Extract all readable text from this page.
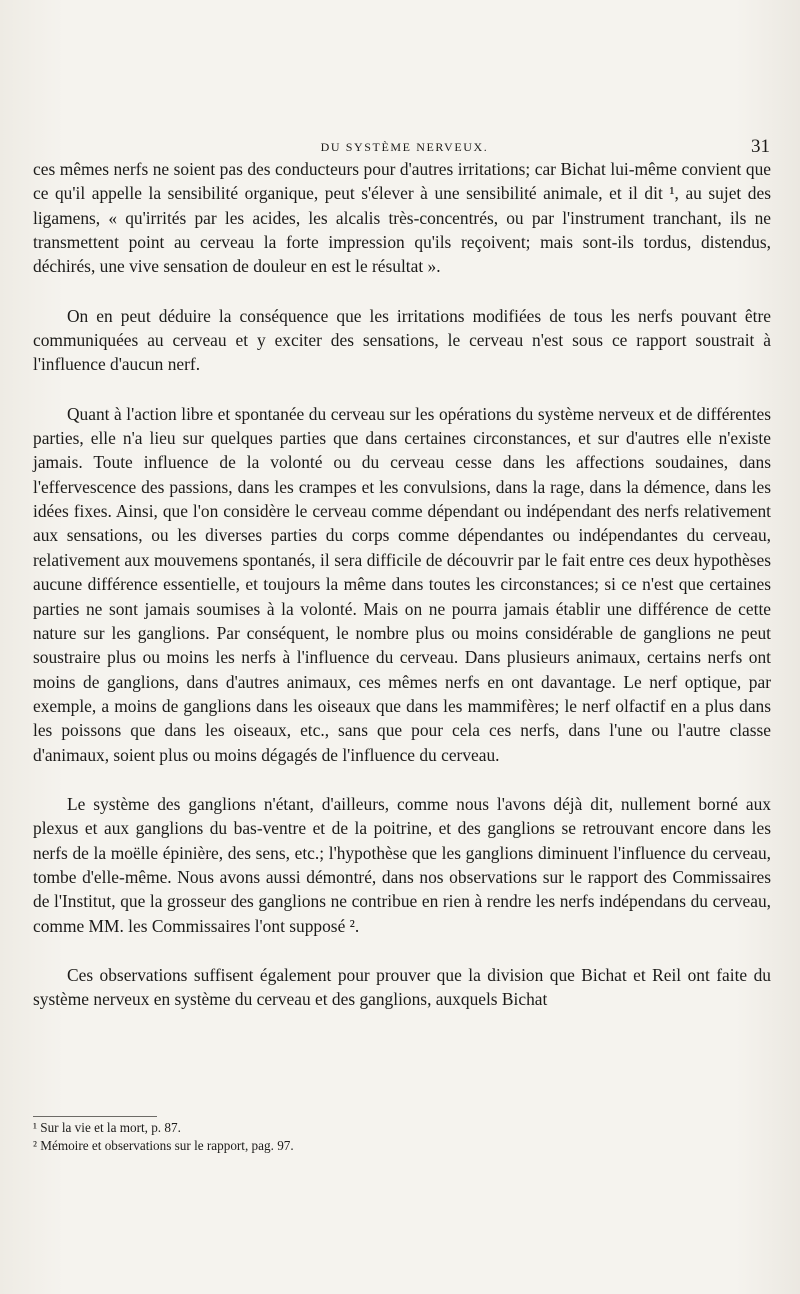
DU SYSTÈME NERVEUX.	31

ces mêmes nerfs ne soient pas des conducteurs pour d'autres irritations; car Bichat lui-même convient que ce qu'il appelle la sensibilité organique, peut s'élever à une sensibilité animale, et il dit ¹, au sujet des ligamens, « qu'irrités par les acides, les alcalis très-concentrés, ou par l'instrument tranchant, ils ne transmettent point au cerveau la forte impression qu'ils reçoivent; mais sont-ils tordus, distendus, déchirés, une vive sensation de douleur en est le résultat ».

On en peut déduire la conséquence que les irritations modifiées de tous les nerfs pouvant être communiquées au cerveau et y exciter des sensations, le cerveau n'est sous ce rapport soustrait à l'influence d'aucun nerf.

Quant à l'action libre et spontanée du cerveau sur les opérations du système nerveux et de différentes parties, elle n'a lieu sur quelques parties que dans certaines circonstances, et sur d'autres elle n'existe jamais. Toute influence de la volonté ou du cerveau cesse dans les affections soudaines, dans l'effervescence des passions, dans les crampes et les convulsions, dans la rage, dans la démence, dans les idées fixes. Ainsi, que l'on considère le cerveau comme dépendant ou indépendant des nerfs relativement aux sensations, ou les diverses parties du corps comme dépendantes ou indépendantes du cerveau, relativement aux mouvemens spontanés, il sera difficile de découvrir par le fait entre ces deux hypothèses aucune différence essentielle, et toujours la même dans toutes les circonstances; si ce n'est que certaines parties ne sont jamais soumises à la volonté. Mais on ne pourra jamais établir une différence de cette nature sur les ganglions. Par conséquent, le nombre plus ou moins considérable de ganglions ne peut soustraire plus ou moins les nerfs à l'influence du cerveau. Dans plusieurs animaux, certains nerfs ont moins de ganglions, dans d'autres animaux, ces mêmes nerfs en ont davantage. Le nerf optique, par exemple, a moins de ganglions dans les oiseaux que dans les mammifères; le nerf olfactif en a plus dans les poissons que dans les oiseaux, etc., sans que pour cela ces nerfs, dans l'une ou l'autre classe d'animaux, soient plus ou moins dégagés de l'influence du cerveau.

Le système des ganglions n'étant, d'ailleurs, comme nous l'avons déjà dit, nullement borné aux plexus et aux ganglions du bas-ventre et de la poitrine, et des ganglions se retrouvant encore dans les nerfs de la moëlle épinière, des sens, etc.; l'hypothèse que les ganglions diminuent l'influence du cerveau, tombe d'elle-même. Nous avons aussi démontré, dans nos observations sur le rapport des Commissaires de l'Institut, que la grosseur des ganglions ne contribue en rien à rendre les nerfs indépendans du cerveau, comme MM. les Commissaires l'ont supposé ².

Ces observations suffisent également pour prouver que la division que Bichat et Reil ont faite du système nerveux en système du cerveau et des ganglions, auxquels Bichat

¹ Sur la vie et la mort, p. 87.
² Mémoire et observations sur le rapport, pag. 97.
